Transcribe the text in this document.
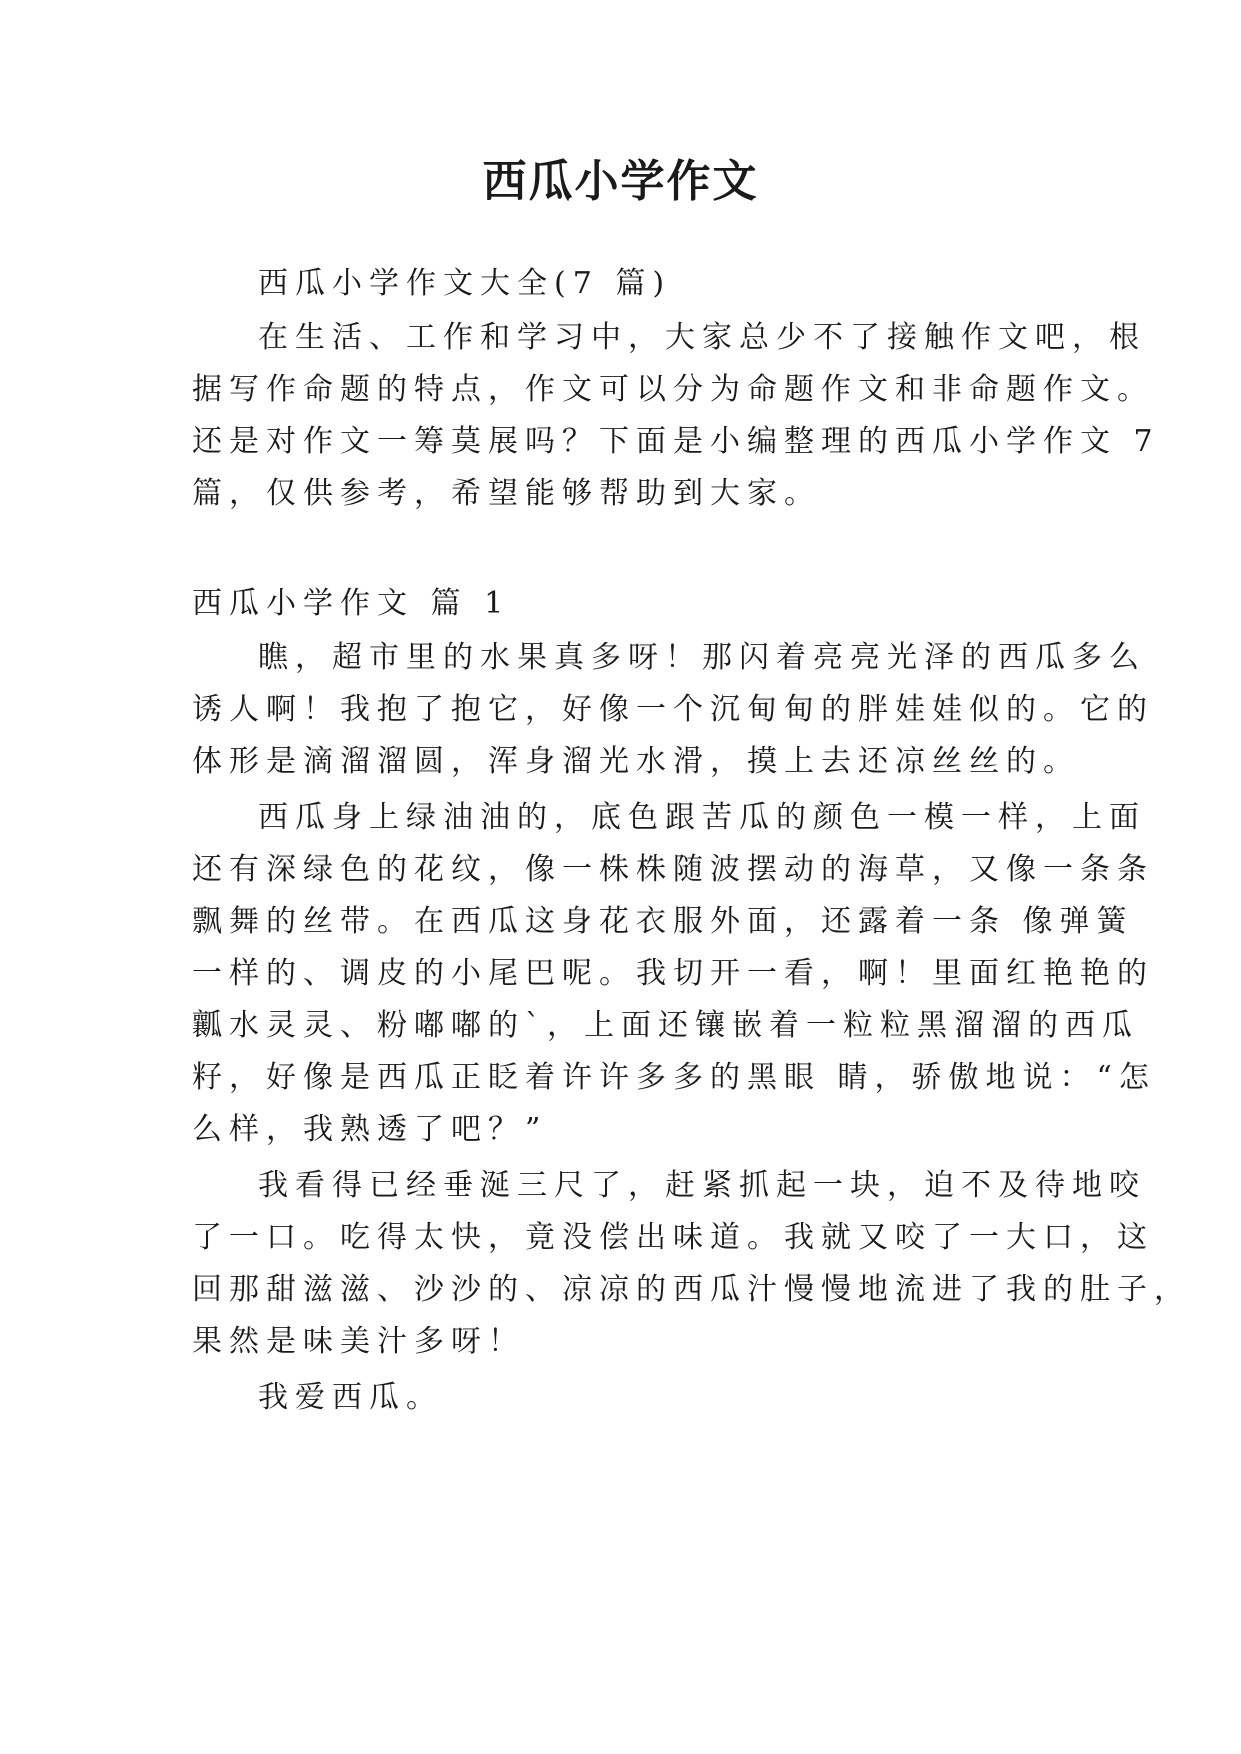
西瓜小学作文
西瓜小学作文大全(7 篇)
在生活、工作和学习中，大家总少不了接触作文吧，根
据写作命题的特点，作文可以分为命题作文和非命题作文。
还是对作文一筹莫展吗？下面是小编整理的西瓜小学作文 7
篇，仅供参考，希望能够帮助到大家。
西瓜小学作文 篇 1
瞧，超市里的水果真多呀！那闪着亮亮光泽的西瓜多么
诱人啊！我抱了抱它，好像一个沉甸甸的胖娃娃似的。它的
体形是滴溜溜圆，浑身溜光水滑，摸上去还凉丝丝的。
西瓜身上绿油油的，底色跟苦瓜的颜色一模一样，上面
还有深绿色的花纹，像一株株随波摆动的海草，又像一条条
飘舞的丝带。在西瓜这身花衣服外面，还露着一条 像弹簧
一样的、调皮的小尾巴呢。我切开一看，啊！里面红艳艳的
瓤水灵灵、粉嘟嘟的`，上面还镶嵌着一粒粒黑溜溜的西瓜
籽，好像是西瓜正眨着许许多多的黑眼 睛，骄傲地说：“怎
么样，我熟透了吧？”
我看得已经垂涎三尺了，赶紧抓起一块，迫不及待地咬
了一口。吃得太快，竟没偿出味道。我就又咬了一大口，这
回那甜滋滋、沙沙的、凉凉的西瓜汁慢慢地流进了我的肚子，
果然是味美汁多呀！
我爱西瓜。
